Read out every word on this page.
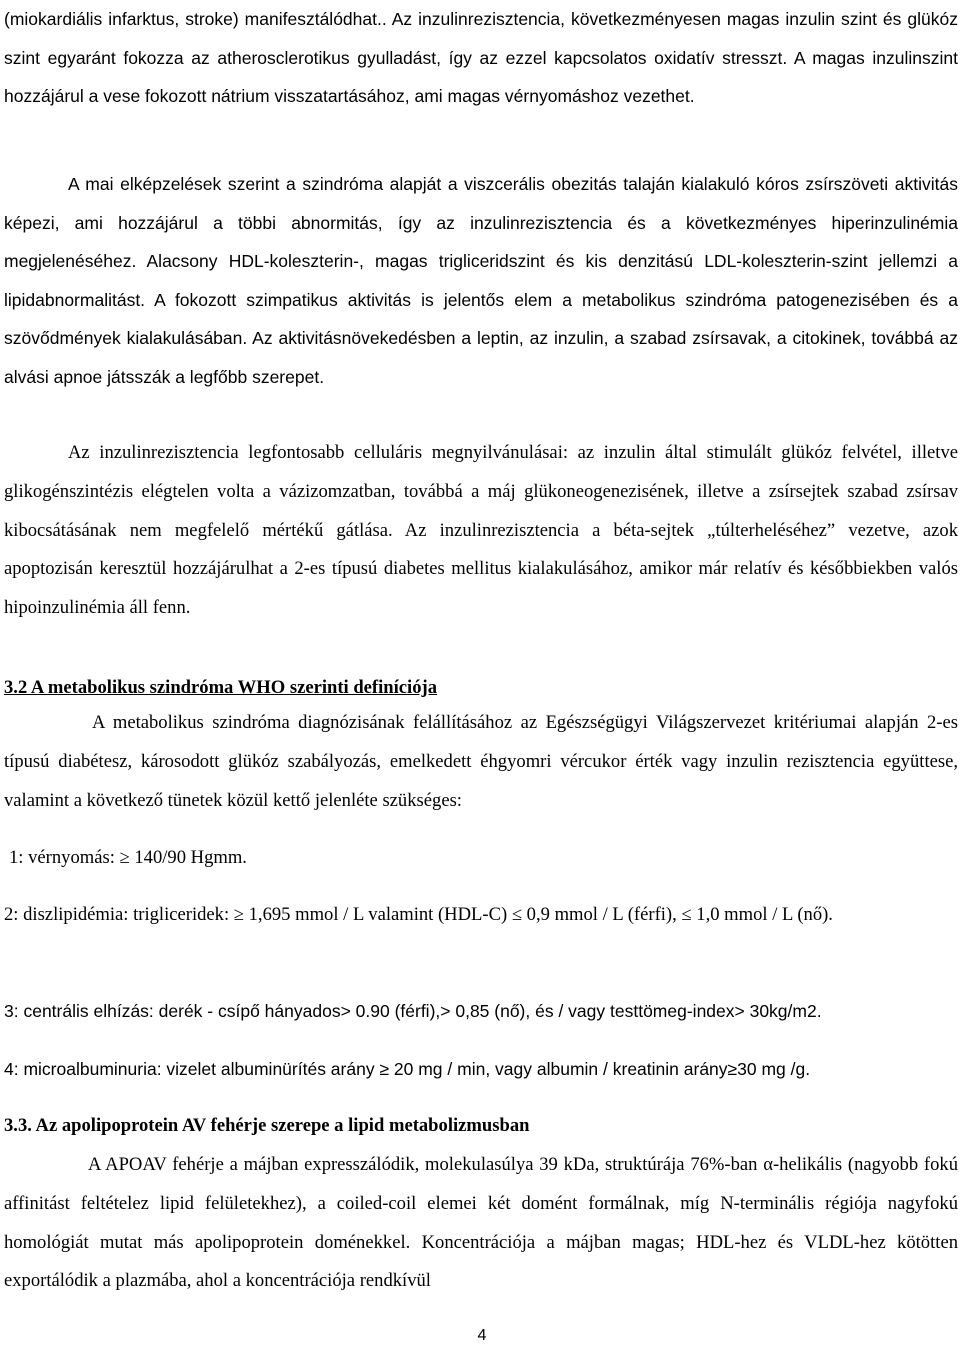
(miokardiális infarktus, stroke) manifesztálódhat.. Az inzulinrezisztencia, következményesen magas inzulin szint és glükóz szint egyaránt fokozza az atherosclerotikus gyulladást, így az ezzel kapcsolatos oxidatív stresszt. A magas inzulinszint hozzájárul a vese fokozott nátrium visszatartásához, ami magas vérnyomáshoz vezethet.

A mai elképzelések szerint a szindróma alapját a viszcerális obezitás talaján kialakuló kóros zsírszöveti aktivitás képezi, ami hozzájárul a többi abnormitás, így az inzulinrezisztencia és a következményes hiperinzulinémia megjelenéséhez. Alacsony HDL-koleszterin-, magas trigliceridszint és kis denzitású LDL-koleszterin-szint jellemzi a lipidabnormalitást. A fokozott szimpatikus aktivitás is jelentős elem a metabolikus szindróma patogenezisében és a szövődmények kialakulásában. Az aktivitásnövekedésben a leptin, az inzulin, a szabad zsírsavak, a citokinek, továbbá az alvási apnoe játsszák a legfőbb szerepet.

Az inzulinrezisztencia legfontosabb celluláris megnyilvánulásai: az inzulin által stimulált glükóz felvétel, illetve glikogénszintézis elégtelen volta a vázizomzatban, továbbá a máj glükoneogenezisének, illetve a zsírsejtek szabad zsírsav kibocsátásának nem megfelelő mértékű gátlása. Az inzulinrezisztencia a béta-sejtek „túlterheléséhez” vezetve, azok apoptozisán keresztül hozzájárulhat a 2-es típusú diabetes mellitus kialakulásához, amikor már relatív és későbbiekben valós hipoinzulinémia áll fenn.

3.2 A metabolikus szindróma WHO szerinti definíciója

A metabolikus szindróma diagnózisának felállításához az Egészségügyi Világszervezet kritériumai alapján 2-es típusú diabétesz, károsodott glükóz szabályozás, emelkedett éhgyomri vércukor érték vagy inzulin rezisztencia együttese, valamint a következő tünetek közül kettő jelenléte szükséges:

1: vérnyomás: ≥ 140/90 Hgmm.

2: diszlipidémia: trigliceridek: ≥ 1,695 mmol / L valamint (HDL-C) ≤ 0,9 mmol / L (férfi), ≤ 1,0 mmol / L (nő).

3: centrális elhízás: derék - csípő hányados> 0.90 (férfi),> 0,85 (nő), és / vagy testtömeg-index> 30kg/m2.

4: microalbuminuria: vizelet albuminürítés arány ≥ 20 mg / min, vagy albumin / kreatinin arány≥30 mg /g.

3.3. Az apolipoprotein AV fehérje szerepe a lipid metabolizmusban

A APOAV fehérje a májban expresszálódik, molekulasúlya 39 kDa, struktúrája 76%-ban α-helikális (nagyobb fokú affinitást feltételez lipid felületekhez), a coiled-coil elemei két domént formálnak, míg N-terminális régiója nagyfokú homológiát mutat más apolipoprotein doménekkel. Koncentrációja a májban magas; HDL-hez és VLDL-hez kötötten exportálódik a plazmába, ahol a koncentrációja rendkívül

4
